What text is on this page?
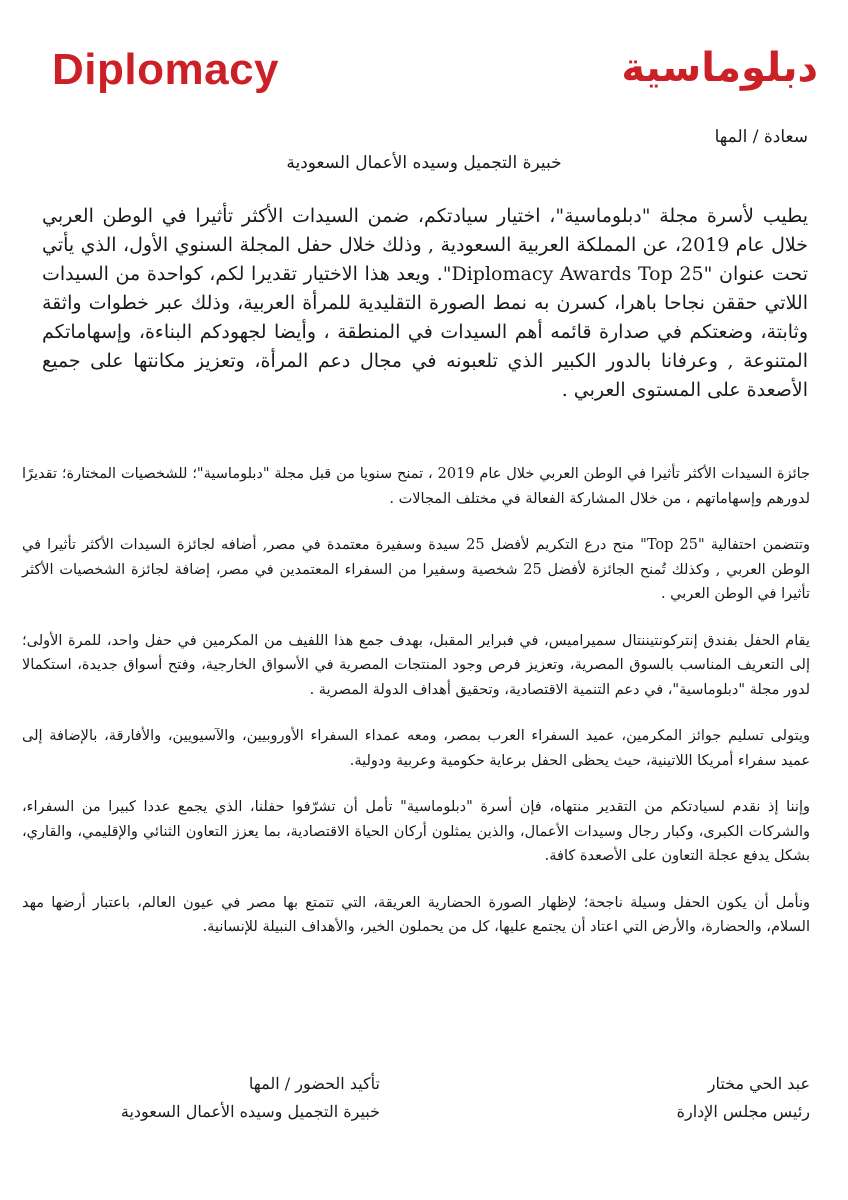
Diplomacy	دبلوماسية
سعادة / المها
خبيرة التجميل وسيده الأعمال السعودية
يطيب لأسرة مجلة "دبلوماسية"، اختيار سيادتكم، ضمن السيدات الأكثر تأثيرا في الوطن العربي خلال عام 2019، عن المملكة العربية السعودية , وذلك خلال حفل المجلة السنوي الأول، الذي يأتي تحت عنوان "Diplomacy Awards Top 25". ويعد هذا الاختيار تقديرا لكم، كواحدة من السيدات اللاتي حققن نجاحا باهرا، كسرن به نمط الصورة التقليدية للمرأة العربية، وذلك عبر خطوات واثقة وثابتة، وضعتكم في صدارة قائمه أهم السيدات في المنطقة ، وأيضا لجهودكم البناءة، وإسهاماتكم المتنوعة , وعرفانا بالدور الكبير الذي تلعبونه في مجال دعم المرأة، وتعزيز مكانتها على جميع الأصعدة على المستوى العربي .

جائزة السيدات الأكثر تأثيرا في الوطن العربي خلال عام 2019 ، تمنح سنويا من قبل مجلة "دبلوماسية"؛ للشخصيات المختارة؛ تقديرًا لدورهم وإسهاماتهم ، من خلال المشاركة الفعالة في مختلف المجالات .

وتتضمن احتفالية "Top 25" منح درع التكريم لأفضل 25 سيدة وسفيرة معتمدة في مصر, أضافه لجائزة السيدات الأكثر تأثيرا في الوطن العربي , وكذلك تُمنح الجائزة لأفضل 25 شخصية وسفيرا من السفراء المعتمدين في مصر، إضافة لجائزة الشخصيات الأكثر تأثيرا في الوطن العربي .

يقام الحفل بفندق إنتركونتيننتال سميراميس، في فبراير المقبل، بهدف جمع هذا اللفيف من المكرمين في حفل واحد، للمرة الأولى؛ إلى التعريف المناسب بالسوق المصرية، وتعزيز فرص وجود المنتجات المصرية في الأسواق الخارجية، وفتح أسواق جديدة، استكمالا لدور مجلة "دبلوماسية"، في دعم التنمية الاقتصادية، وتحقيق أهداف الدولة المصرية .

ويتولى تسليم جوائز المكرمين، عميد السفراء العرب بمصر، ومعه عمداء السفراء الأوروبيين، والآسيويين، والأفارقة، بالإضافة إلى عميد سفراء أمريكا اللاتينية، حيث يحظى الحفل برعاية حكومية وعربية ودولية.

وإننا إذ نقدم لسيادتكم من التقدير منتهاه، فإن أسرة "دبلوماسية" تأمل أن تشرّفوا حفلنا، الذي يجمع عددا كبيرا من السفراء، والشركات الكبرى، وكبار رجال وسيدات الأعمال، والذين يمثلون أركان الحياة الاقتصادية، بما يعزز التعاون الثنائي والإقليمي، والقاري، بشكل يدفع عجلة التعاون على الأصعدة كافة.

ونأمل أن يكون الحفل وسيلة ناجحة؛ لإظهار الصورة الحضارية العريقة، التي تتمتع بها مصر في عيون العالم، باعتبار أرضها مهد السلام، والحضارة، والأرض التي اعتاد أن يجتمع عليها، كل من يحملون الخير، والأهداف النبيلة للإنسانية.

عبد الحي مختار
رئيس مجلس الإدارة
تأكيد الحضور / المها
خبيرة التجميل وسيده الأعمال السعودية
